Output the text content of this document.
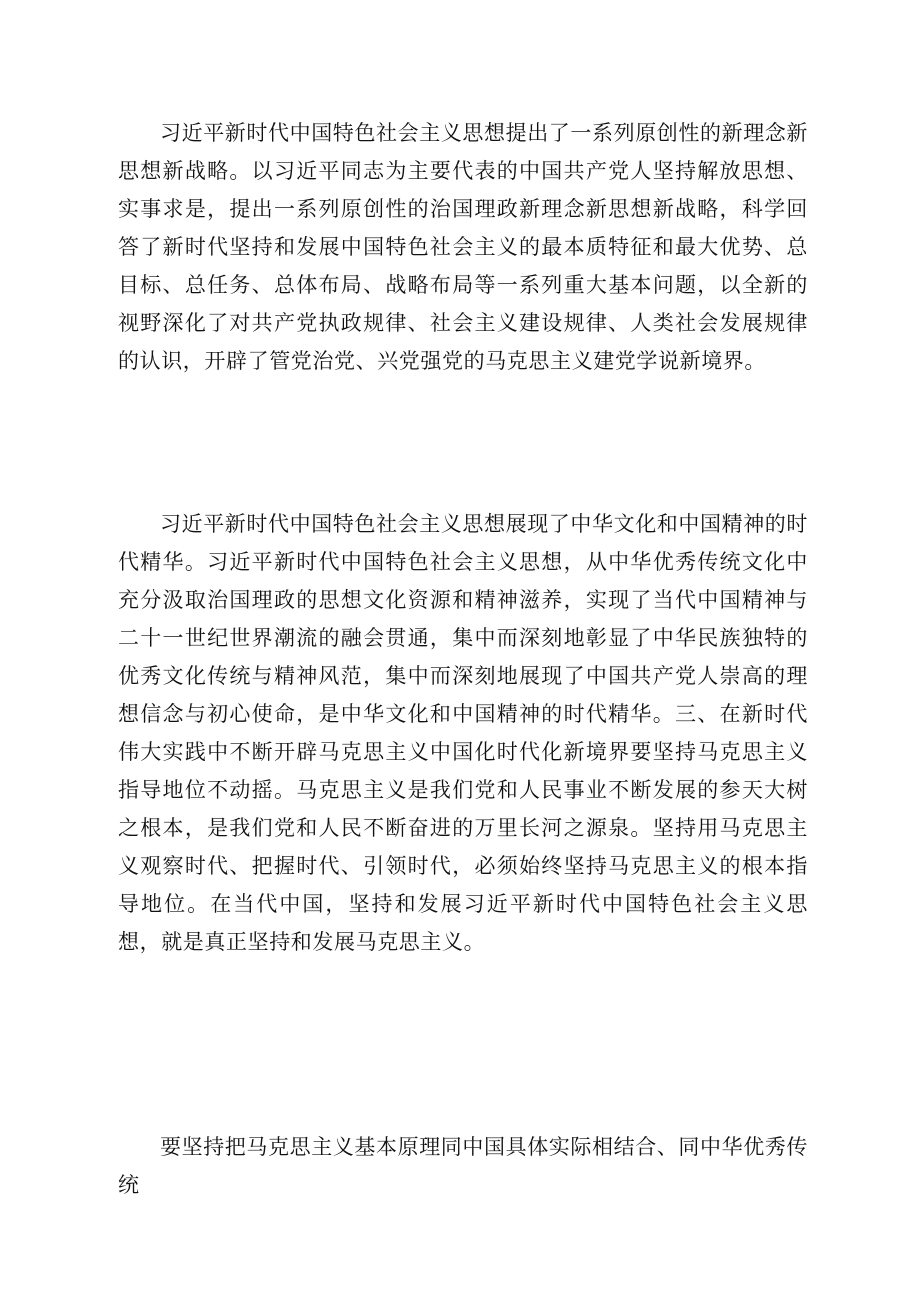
习近平新时代中国特色社会主义思想提出了一系列原创性的新理念新思想新战略。以习近平同志为主要代表的中国共产党人坚持解放思想、实事求是，提出一系列原创性的治国理政新理念新思想新战略，科学回答了新时代坚持和发展中国特色社会主义的最本质特征和最大优势、总目标、总任务、总体布局、战略布局等一系列重大基本问题，以全新的视野深化了对共产党执政规律、社会主义建设规律、人类社会发展规律的认识，开辟了管党治党、兴党强党的马克思主义建党学说新境界。

习近平新时代中国特色社会主义思想展现了中华文化和中国精神的时代精华。习近平新时代中国特色社会主义思想，从中华优秀传统文化中充分汲取治国理政的思想文化资源和精神滋养，实现了当代中国精神与二十一世纪世界潮流的融会贯通，集中而深刻地彰显了中华民族独特的优秀文化传统与精神风范，集中而深刻地展现了中国共产党人崇高的理想信念与初心使命，是中华文化和中国精神的时代精华。三、在新时代伟大实践中不断开辟马克思主义中国化时代化新境界要坚持马克思主义指导地位不动摇。马克思主义是我们党和人民事业不断发展的参天大树之根本，是我们党和人民不断奋进的万里长河之源泉。坚持用马克思主义观察时代、把握时代、引领时代，必须始终坚持马克思主义的根本指导地位。在当代中国，坚持和发展习近平新时代中国特色社会主义思想，就是真正坚持和发展马克思主义。

要坚持把马克思主义基本原理同中国具体实际相结合、同中华优秀传统
